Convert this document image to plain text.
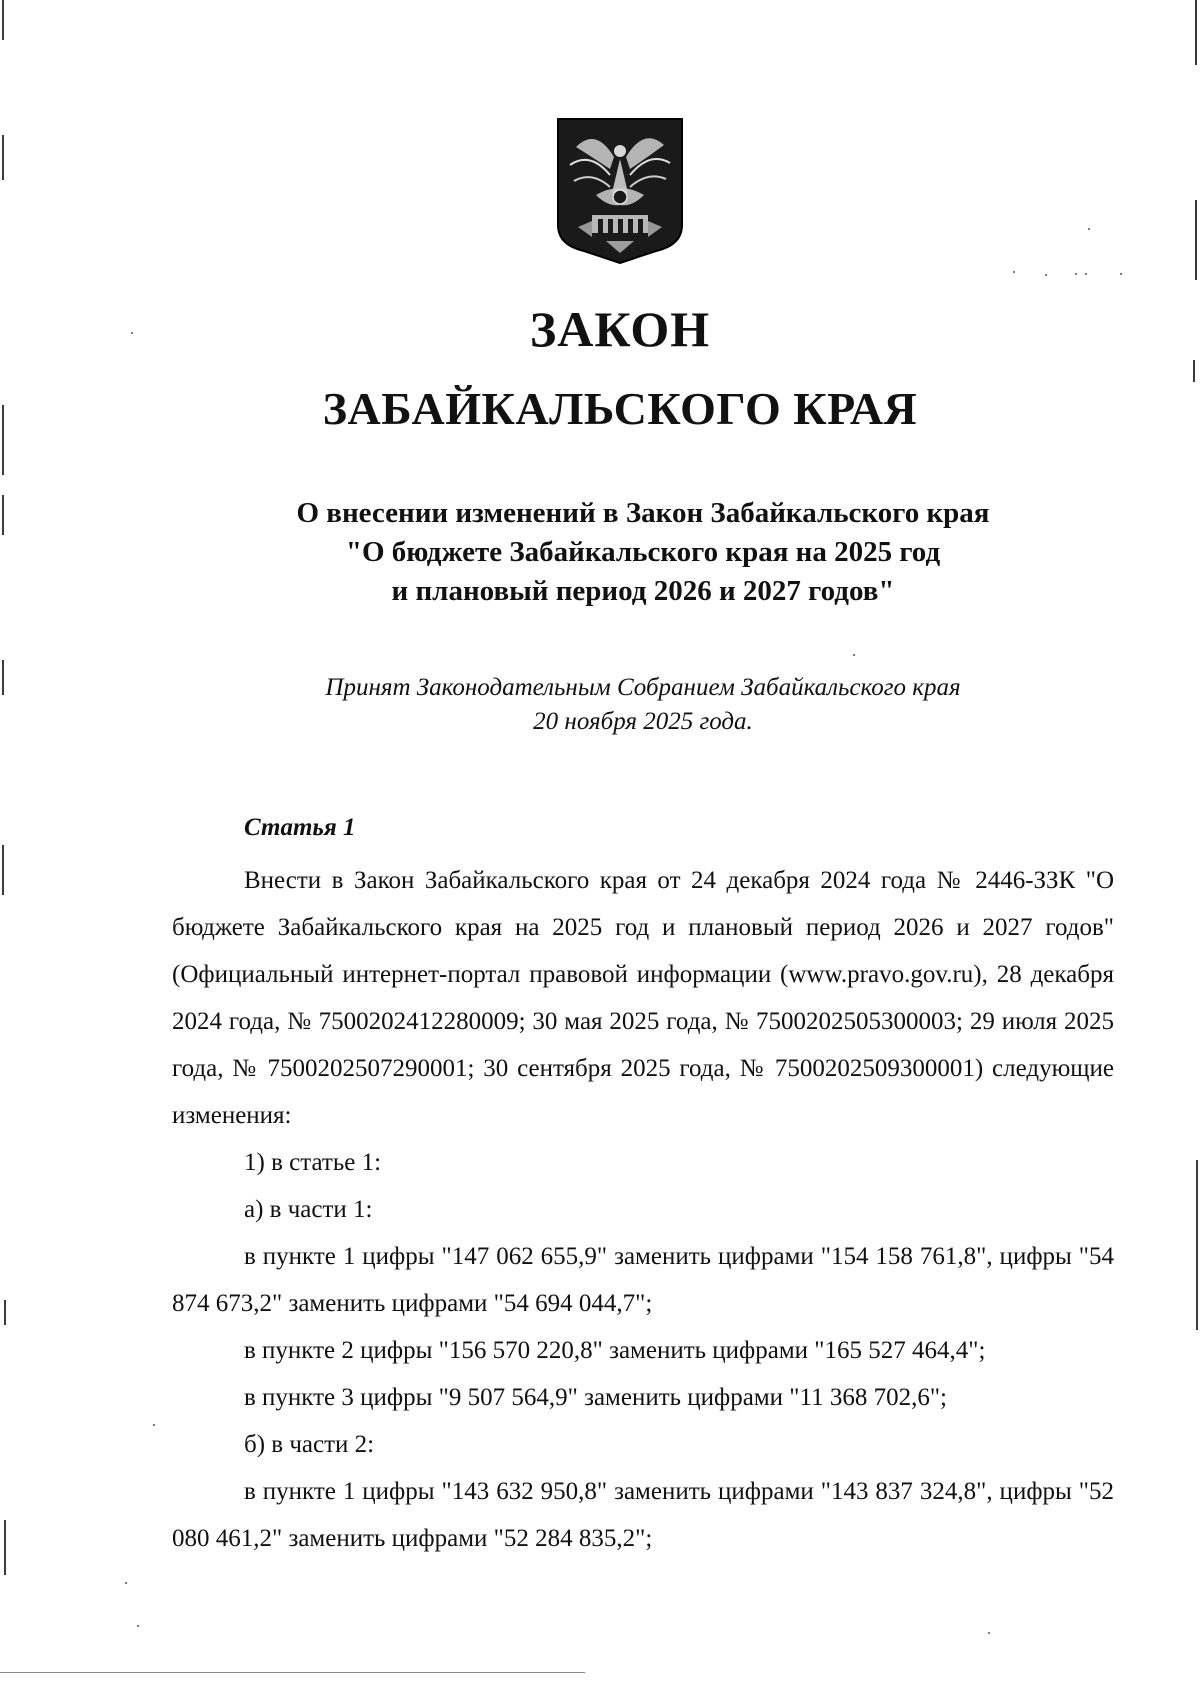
ЗАКОН
ЗАБАЙКАЛЬСКОГО КРАЯ

О внесении изменений в Закон Забайкальского края
"О бюджете Забайкальского края на 2025 год
и плановый период 2026 и 2027 годов"

Принят Законодательным Собранием Забайкальского края
20 ноября 2025 года.

Статья 1

Внести в Закон Забайкальского края от 24 декабря 2024 года № 2446-ЗЗК "О бюджете Забайкальского края на 2025 год и плановый период 2026 и 2027 годов" (Официальный интернет-портал правовой информации (www.pravo.gov.ru), 28 декабря 2024 года, № 7500202412280009; 30 мая 2025 года, № 7500202505300003; 29 июля 2025 года, № 7500202507290001; 30 сентября 2025 года, № 7500202509300001) следующие изменения:

1) в статье 1:

а) в части 1:

в пункте 1 цифры "147 062 655,9" заменить цифрами "154 158 761,8", цифры "54 874 673,2" заменить цифрами "54 694 044,7";

в пункте 2 цифры "156 570 220,8" заменить цифрами "165 527 464,4";

в пункте 3 цифры "9 507 564,9" заменить цифрами "11 368 702,6";

б) в части 2:

в пункте 1 цифры "143 632 950,8" заменить цифрами "143 837 324,8", цифры "52 080 461,2" заменить цифрами "52 284 835,2";
